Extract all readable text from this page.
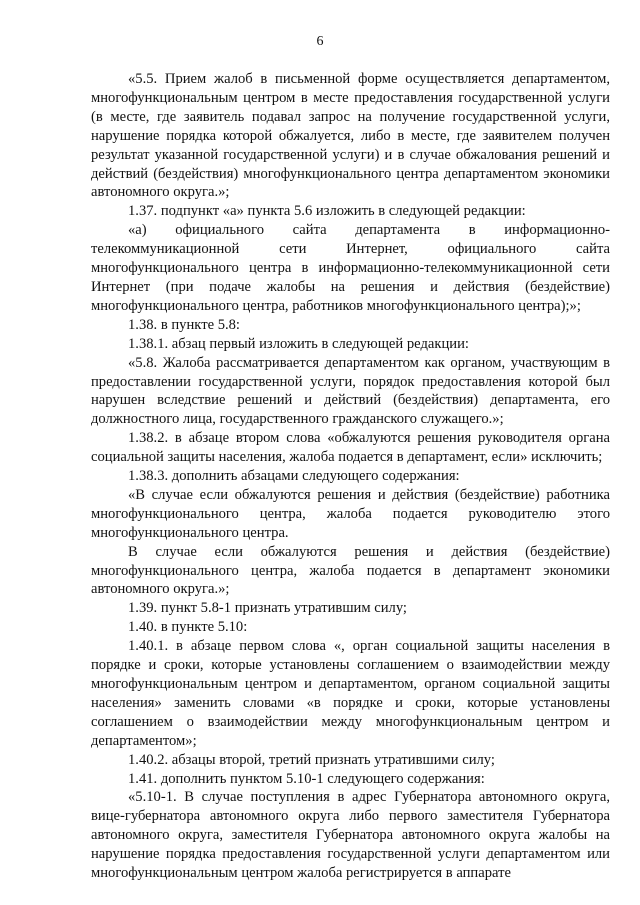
6

«5.5. Прием жалоб в письменной форме осуществляется департаментом, многофункциональным центром в месте предоставления государственной услуги (в месте, где заявитель подавал запрос на получение государственной услуги, нарушение порядка которой обжалуется, либо в месте, где заявителем получен результат указанной государственной услуги) и в случае обжалования решений и действий (бездействия) многофункционального центра департаментом экономики автономного округа.»;

1.37. подпункт «а» пункта 5.6 изложить в следующей редакции:

«а) официального сайта департамента в информационно-телекоммуникационной сети Интернет, официального сайта многофункционального центра в информационно-телекоммуникационной сети Интернет (при подаче жалобы на решения и действия (бездействие) многофункционального центра, работников многофункционального центра);»;

1.38. в пункте 5.8:

1.38.1. абзац первый изложить в следующей редакции:

«5.8. Жалоба рассматривается департаментом как органом, участвующим в предоставлении государственной услуги, порядок предоставления которой был нарушен вследствие решений и действий (бездействия) департамента, его должностного лица, государственного гражданского служащего.»;

1.38.2. в абзаце втором слова «обжалуются решения руководителя органа социальной защиты населения, жалоба подается в департамент, если» исключить;

1.38.3. дополнить абзацами следующего содержания:

«В случае если обжалуются решения и действия (бездействие) работника многофункционального центра, жалоба подается руководителю этого многофункционального центра.

В случае если обжалуются решения и действия (бездействие) многофункционального центра, жалоба подается в департамент экономики автономного округа.»;

1.39. пункт 5.8-1 признать утратившим силу;

1.40. в пункте 5.10:

1.40.1. в абзаце первом слова «, орган социальной защиты населения в порядке и сроки, которые установлены соглашением о взаимодействии между многофункциональным центром и департаментом, органом социальной защиты населения» заменить словами «в порядке и сроки, которые установлены соглашением о взаимодействии между многофункциональным центром и департаментом»;

1.40.2. абзацы второй, третий признать утратившими силу;

1.41. дополнить пунктом 5.10-1 следующего содержания:

«5.10-1. В случае поступления в адрес Губернатора автономного округа, вице-губернатора автономного округа либо первого заместителя Губернатора автономного округа, заместителя Губернатора автономного округа жалобы на нарушение порядка предоставления государственной услуги департаментом или многофункциональным центром жалоба регистрируется в аппарате
